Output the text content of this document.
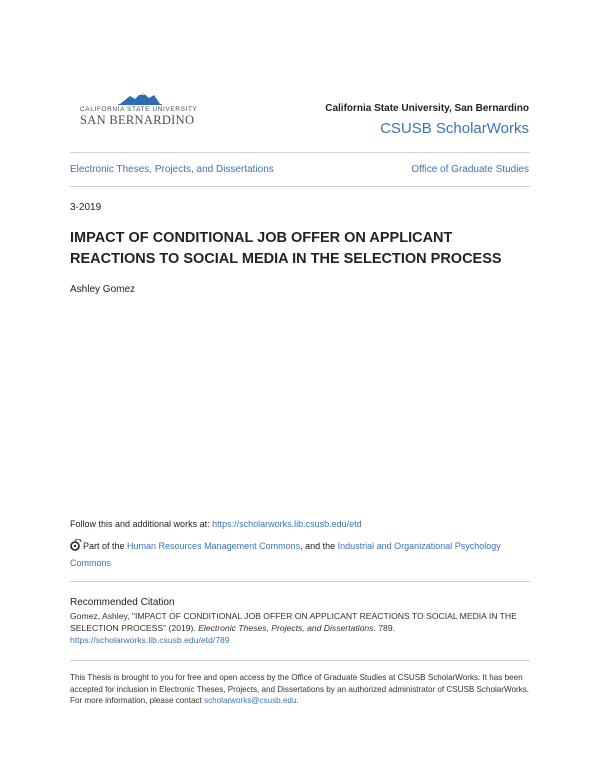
CALIFORNIA STATE UNIVERSITY
SAN BERNARDINO
California State University, San Bernardino
CSUSB ScholarWorks
Electronic Theses, Projects, and Dissertations	Office of Graduate Studies
3-2019
IMPACT OF CONDITIONAL JOB OFFER ON APPLICANT REACTIONS TO SOCIAL MEDIA IN THE SELECTION PROCESS
Ashley Gomez
Follow this and additional works at: https://scholarworks.lib.csusb.edu/etd
Part of the Human Resources Management Commons, and the Industrial and Organizational Psychology Commons
Recommended Citation
Gomez, Ashley, "IMPACT OF CONDITIONAL JOB OFFER ON APPLICANT REACTIONS TO SOCIAL MEDIA IN THE SELECTION PROCESS" (2019). Electronic Theses, Projects, and Dissertations. 789.
https://scholarworks.lib.csusb.edu/etd/789
This Thesis is brought to you for free and open access by the Office of Graduate Studies at CSUSB ScholarWorks. It has been accepted for inclusion in Electronic Theses, Projects, and Dissertations by an authorized administrator of CSUSB ScholarWorks. For more information, please contact scholarworks@csusb.edu.
